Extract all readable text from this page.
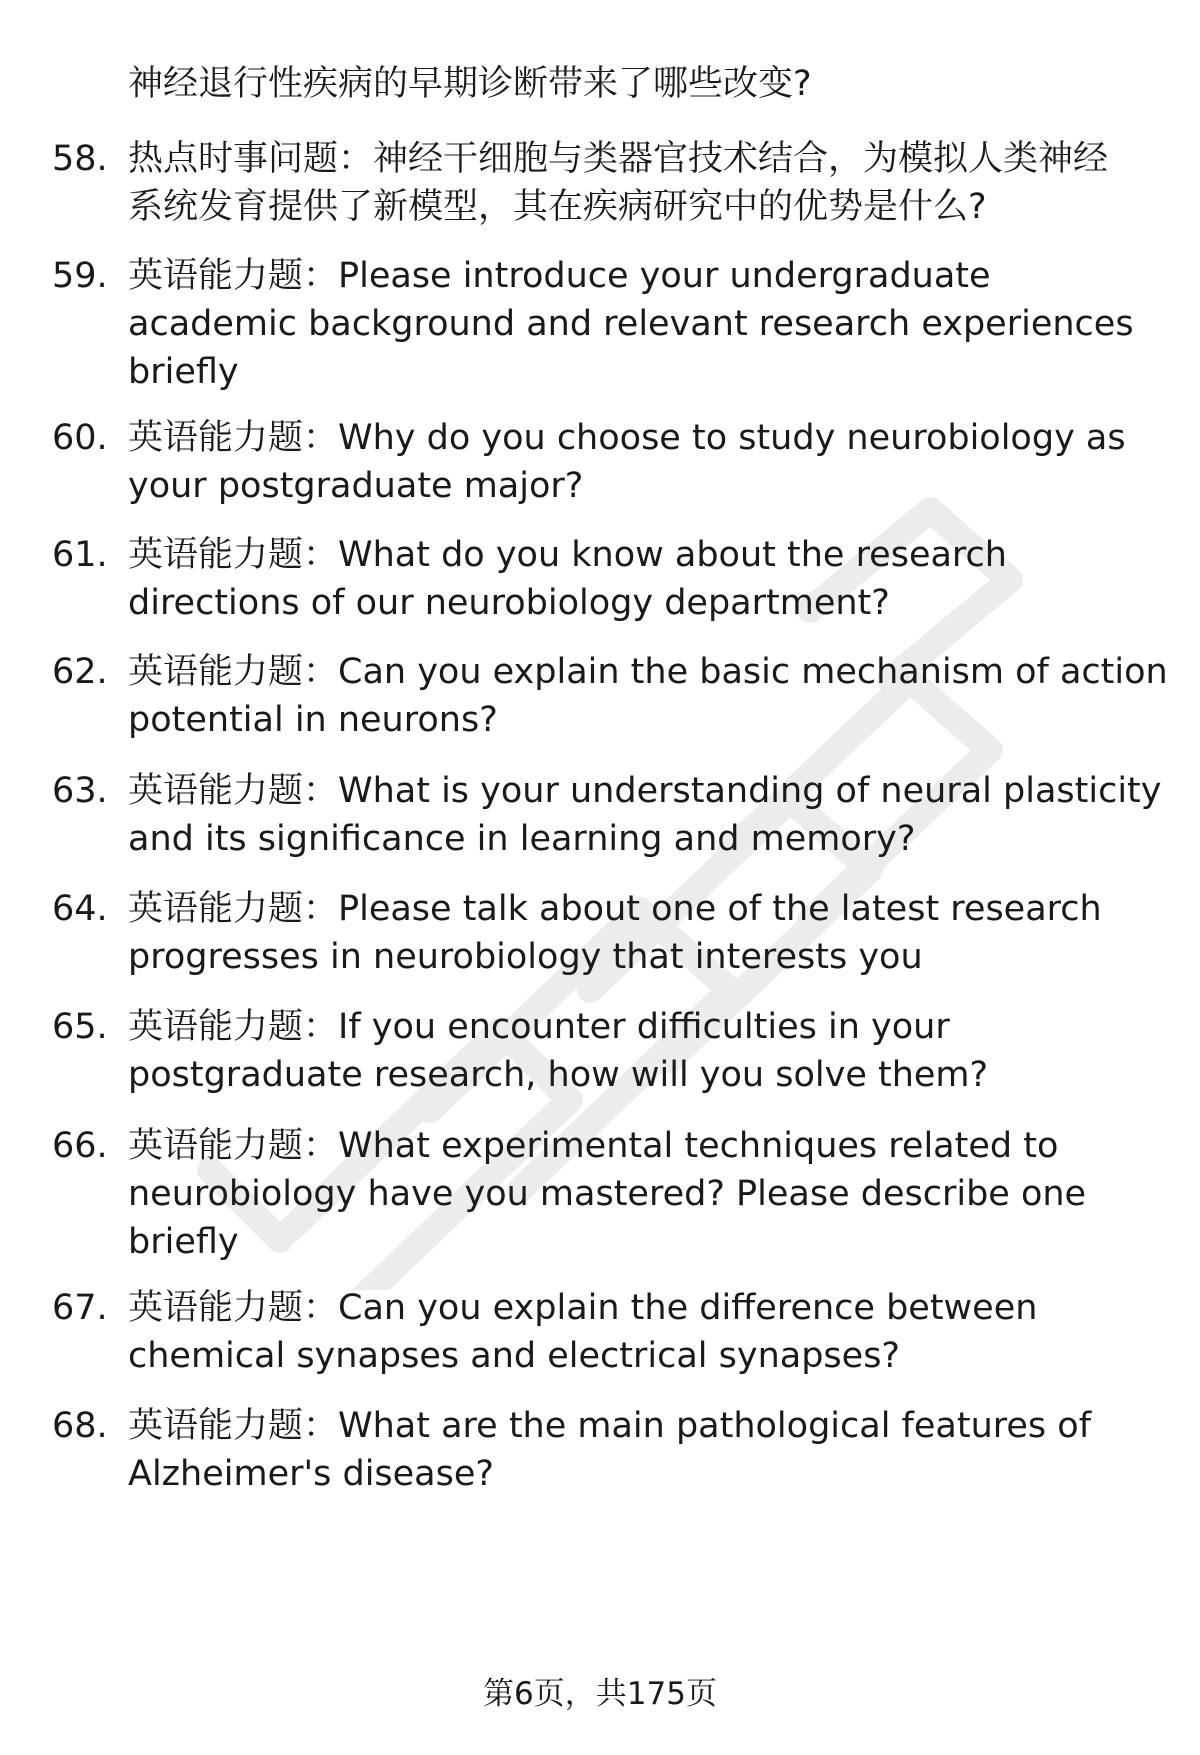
神经退行性疾病的早期诊断带来了哪些改变?
58. 热点时事问题：神经干细胞与类器官技术结合，为模拟人类神经
系统发育提供了新模型，其在疾病研究中的优势是什么?
59. 英语能力题：Please introduce your undergraduate
academic background and relevant research experiences
briefly
60. 英语能力题：Why do you choose to study neurobiology as
your postgraduate major?
61. 英语能力题：What do you know about the research
directions of our neurobiology department?
62. 英语能力题：Can you explain the basic mechanism of action
potential in neurons?
63. 英语能力题：What is your understanding of neural plasticity
and its significance in learning and memory?
64. 英语能力题：Please talk about one of the latest research
progresses in neurobiology that interests you
65. 英语能力题：If you encounter difficulties in your
postgraduate research, how will you solve them?
66. 英语能力题：What experimental techniques related to
neurobiology have you mastered? Please describe one
briefly
67. 英语能力题：Can you explain the difference between
chemical synapses and electrical synapses?
68. 英语能力题：What are the main pathological features of
Alzheimer's disease?
第6页，共175页
